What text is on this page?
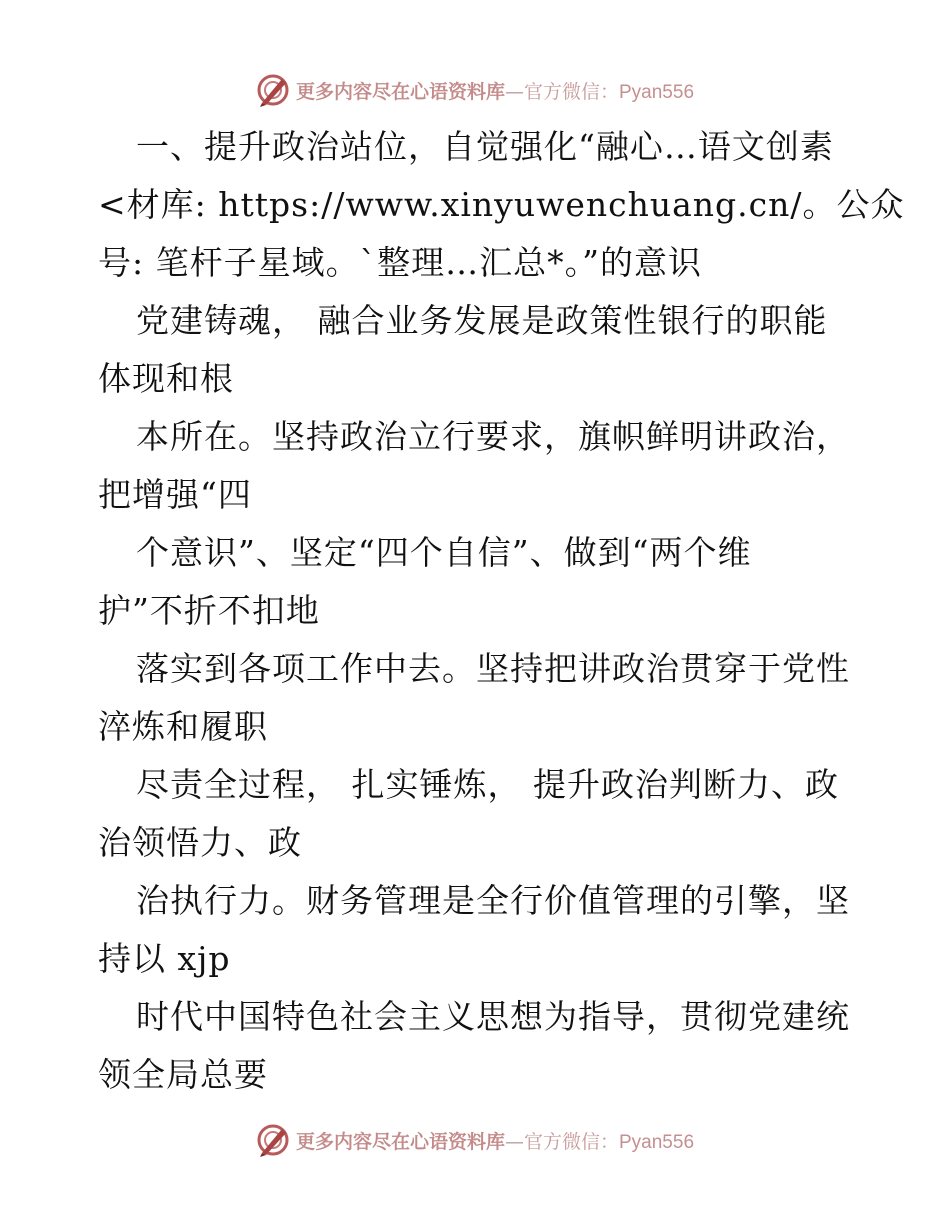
更多内容尽在心语资料库—官方微信：Pyan556
一、提升政治站位，自觉强化“融心…语文创素
<材库: https://www.xinyuwenchuang.cn/。公众
号: 笔杆子星域。`整理…汇总*。”的意识
党建铸魂， 融合业务发展是政策性银行的职能
体现和根
本所在。坚持政治立行要求，旗帜鲜明讲政治，
把增强“四
个意识”、坚定“四个自信”、做到“两个维
护”不折不扣地
落实到各项工作中去。坚持把讲政治贯穿于党性
淬炼和履职
尽责全过程， 扎实锤炼， 提升政治判断力、政
治领悟力、政
治执行力。财务管理是全行价值管理的引擎，坚
持以 xjp
时代中国特色社会主义思想为指导，贯彻党建统
领全局总要
更多内容尽在心语资料库—官方微信：Pyan556
